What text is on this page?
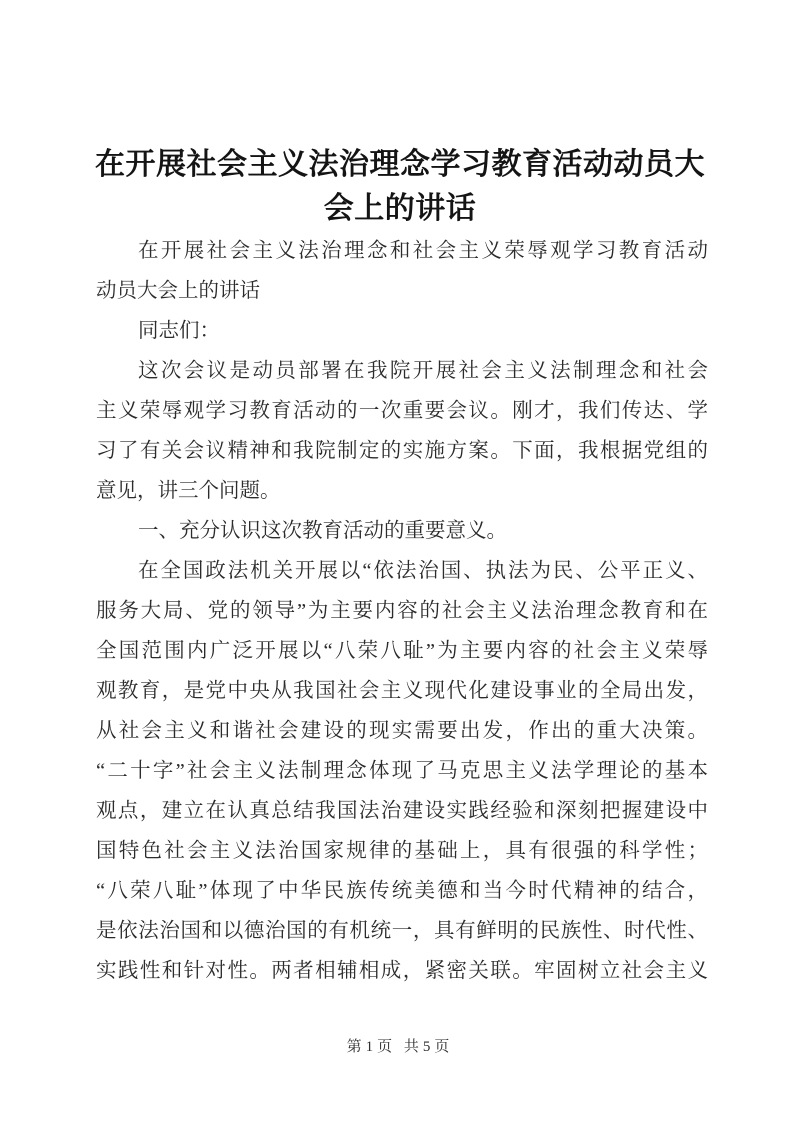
在开展社会主义法治理念学习教育活动动员大会上的讲话
在开展社会主义法治理念和社会主义荣辱观学习教育活动
动员大会上的讲话
同志们：
这次会议是动员部署在我院开展社会主义法制理念和社会
主义荣辱观学习教育活动的一次重要会议。刚才，我们传达、学
习了有关会议精神和我院制定的实施方案。下面，我根据党组的
意见，讲三个问题。
一、充分认识这次教育活动的重要意义。
在全国政法机关开展以“依法治国、执法为民、公平正义、
服务大局、党的领导”为主要内容的社会主义法治理念教育和在
全国范围内广泛开展以“八荣八耻”为主要内容的社会主义荣辱
观教育，是党中央从我国社会主义现代化建设事业的全局出发，
从社会主义和谐社会建设的现实需要出发，作出的重大决策。
“二十字”社会主义法制理念体现了马克思主义法学理论的基本
观点，建立在认真总结我国法治建设实践经验和深刻把握建设中
国特色社会主义法治国家规律的基础上，具有很强的科学性；
“八荣八耻”体现了中华民族传统美德和当今时代精神的结合，
是依法治国和以德治国的有机统一，具有鲜明的民族性、时代性、
实践性和针对性。两者相辅相成，紧密关联。牢固树立社会主义
第1页 共5页
